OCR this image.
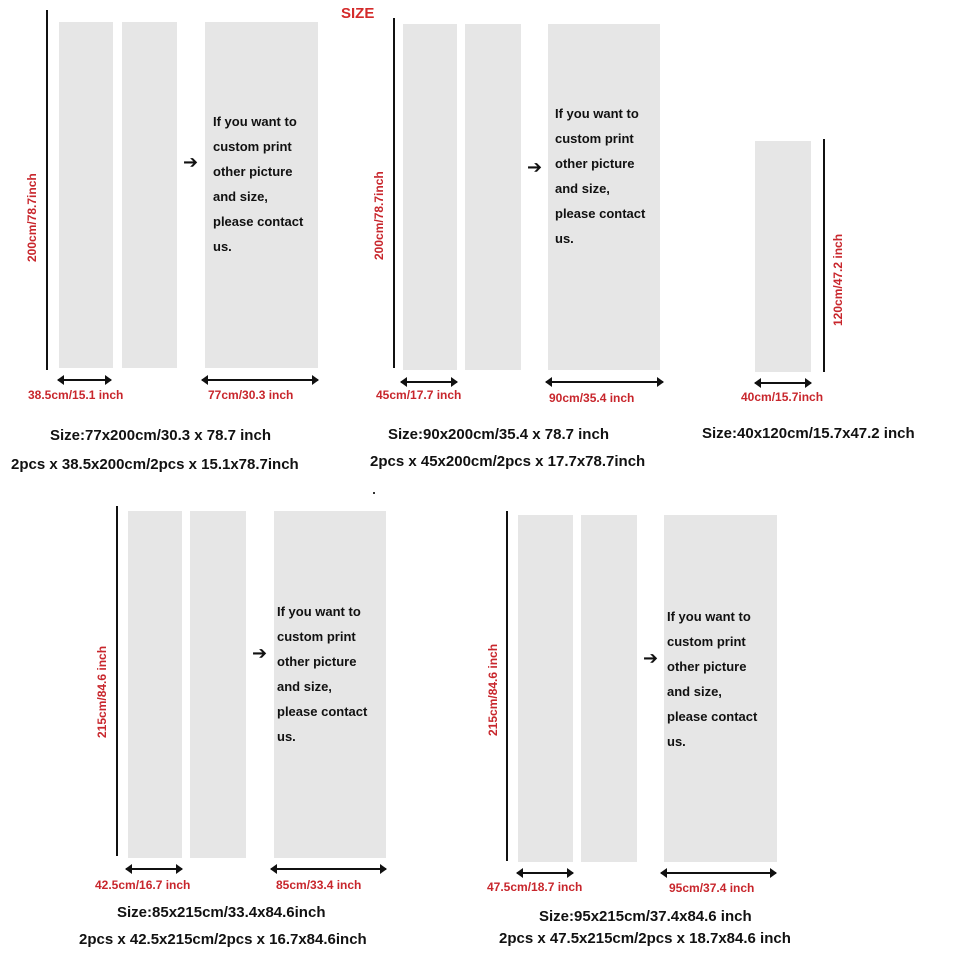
SIZE
200cm/78.7inch
➔
If you want to
custom print
other picture
and size,
please contact
us.
38.5cm/15.1 inch	77cm/30.3 inch
Size:77x200cm/30.3 x 78.7 inch
2pcs x 38.5x200cm/2pcs x 15.1x78.7inch
200cm/78.7inch
➔
If you want to
custom print
other picture
and size,
please contact
us.
45cm/17.7 inch	90cm/35.4 inch
Size:90x200cm/35.4 x 78.7 inch
2pcs x 45x200cm/2pcs x 17.7x78.7inch
120cm/47.2 inch
40cm/15.7inch
Size:40x120cm/15.7x47.2 inch
215cm/84.6 inch	➔
If you want to
custom print
other picture
and size,
please contact
us.
42.5cm/16.7 inch	85cm/33.4 inch
Size:85x215cm/33.4x84.6inch
2pcs x 42.5x215cm/2pcs x 16.7x84.6inch
215cm/84.6 inch	➔
If you want to
custom print
other picture
and size,
please contact
us.
47.5cm/18.7 inch	95cm/37.4 inch
Size:95x215cm/37.4x84.6 inch
2pcs x 47.5x215cm/2pcs x 18.7x84.6 inch
